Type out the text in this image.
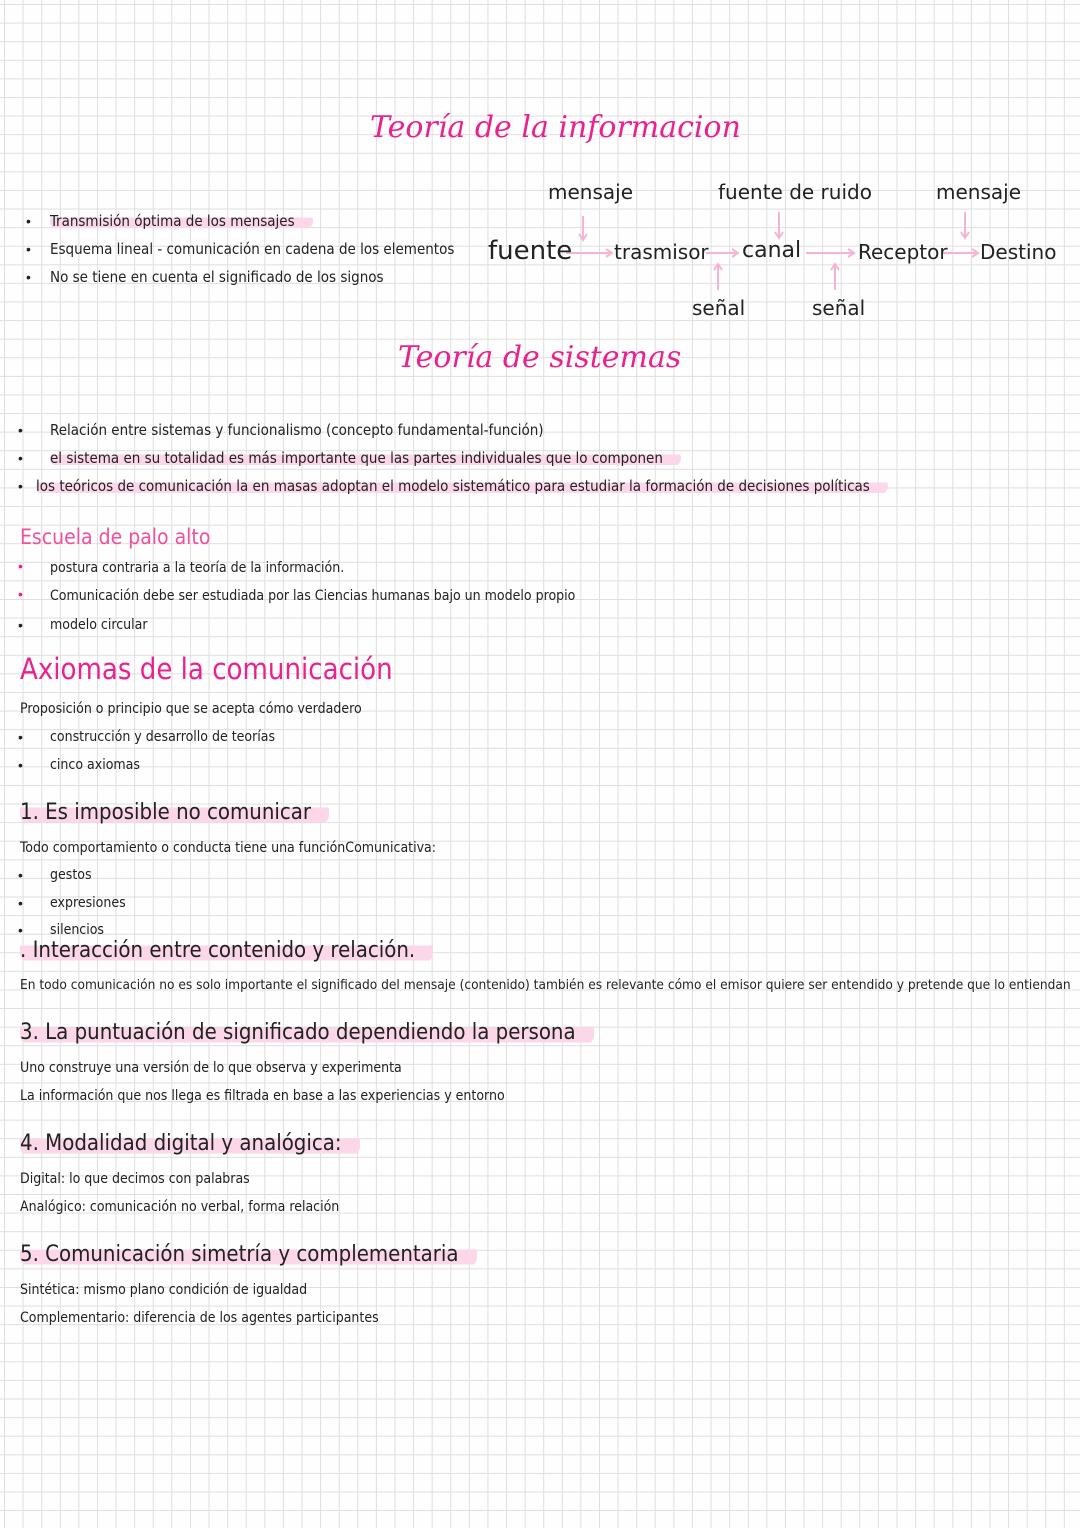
Teoría de la informacion
• Transmisión óptima de los mensajes
• Esquema lineal - comunicación en cadena de los elementos
• No se tiene en cuenta el significado de los signos
fuente trasmisor canal	Receptor Destino
mensaje	fuente de ruido	mensaje
señal	señal
Teoría de sistemas
• Relación entre sistemas y funcionalismo (concepto fundamental-función)
• el sistema en su totalidad es más importante que las partes individuales que lo componen
• los teóricos de comunicación la en masas adoptan el modelo sistemático para estudiar la formación de decisiones políticas
Escuela de palo alto
• postura contraria a la teoría de la información.
• Comunicación debe ser estudiada por las Ciencias humanas bajo un modelo propio
• modelo circular
Axiomas de la comunicación
Proposición o principio que se acepta cómo verdadero
• construcción y desarrollo de teorías
• cinco axiomas
1. Es imposible no comunicar
Todo comportamiento o conducta tiene una funciónComunicativa:
• gestos
• expresiones
• silencios
. Interacción entre contenido y relación.
En todo comunicación no es solo importante el significado del mensaje (contenido) también es relevante cómo el emisor quiere ser entendido y pretende que lo entiendan
3. La puntuación de significado dependiendo la persona
Uno construye una versión de lo que observa y experimenta
La información que nos llega es filtrada en base a las experiencias y entorno
4. Modalidad digital y analógica:
Digital: lo que decimos con palabras
Analógico: comunicación no verbal, forma relación
5. Comunicación simetría y complementaria
Sintética: mismo plano condición de igualdad
Complementario: diferencia de los agentes participantes
